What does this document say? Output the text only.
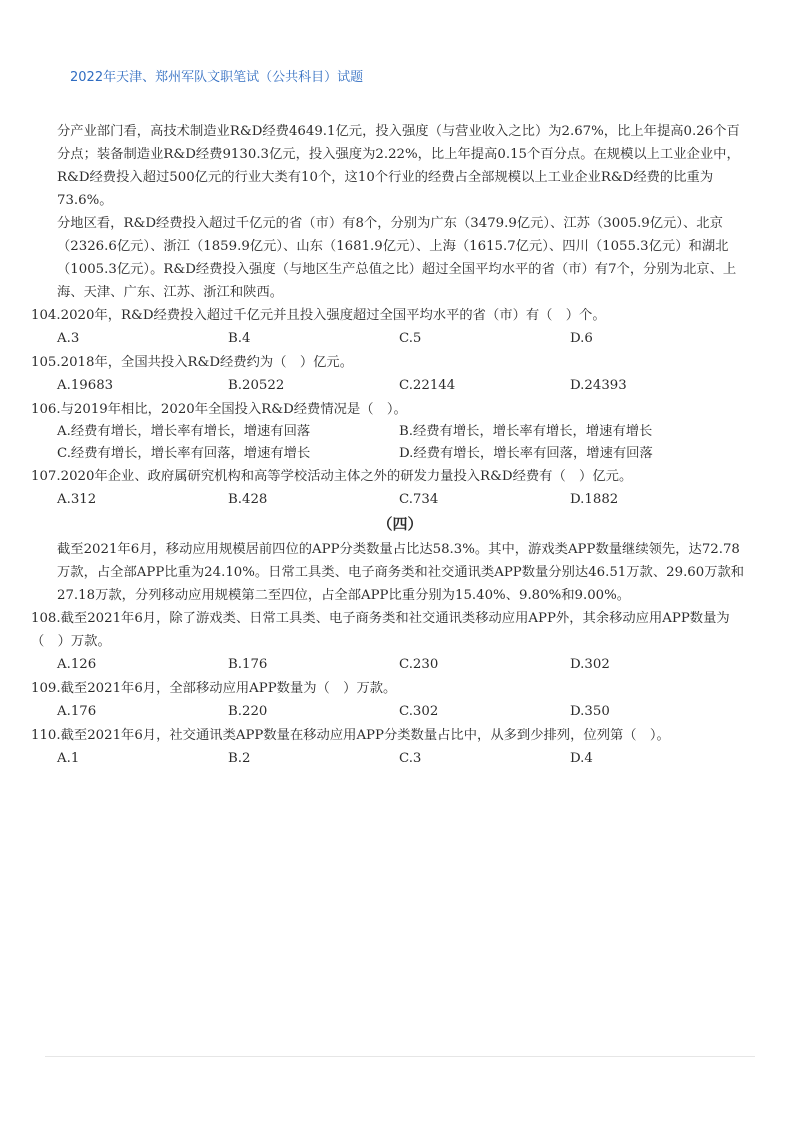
2022年天津、郑州军队文职笔试（公共科目）试题

分产业部门看，高技术制造业R&D经费4649.1亿元，投入强度（与营业收入之比）为2.67%，比上年提高0.26个百分点；装备制造业R&D经费9130.3亿元，投入强度为2.22%，比上年提高0.15个百分点。在规模以上工业企业中，R&D经费投入超过500亿元的行业大类有10个，这10个行业的经费占全部规模以上工业企业R&D经费的比重为73.6%。

分地区看，R&D经费投入超过千亿元的省（市）有8个，分别为广东（3479.9亿元）、江苏（3005.9亿元）、北京（2326.6亿元）、浙江（1859.9亿元）、山东（1681.9亿元）、上海（1615.7亿元）、四川（1055.3亿元）和湖北（1005.3亿元）。R&D经费投入强度（与地区生产总值之比）超过全国平均水平的省（市）有7个，分别为北京、上海、天津、广东、江苏、浙江和陕西。

104.2020年，R&D经费投入超过千亿元并且投入强度超过全国平均水平的省（市）有（　）个。
A.3	B.4	C.5	D.6
105.2018年，全国共投入R&D经费约为（　）亿元。
A.19683	B.20522	C.22144	D.24393
106.与2019年相比，2020年全国投入R&D经费情况是（　）。
A.经费有增长，增长率有增长，增速有回落	B.经费有增长，增长率有增长，增速有增长
C.经费有增长，增长率有回落，增速有增长	D.经费有增长，增长率有回落，增速有回落
107.2020年企业、政府属研究机构和高等学校活动主体之外的研发力量投入R&D经费有（　）亿元。
A.312	B.428	C.734	D.1882
（四）

截至2021年6月，移动应用规模居前四位的APP分类数量占比达58.3%。其中，游戏类APP数量继续领先，达72.78万款，占全部APP比重为24.10%。日常工具类、电子商务类和社交通讯类APP数量分别达46.51万款、29.60万款和27.18万款，分列移动应用规模第二至四位，占全部APP比重分别为15.40%、9.80%和9.00%。

108.截至2021年6月，除了游戏类、日常工具类、电子商务类和社交通讯类移动应用APP外，其余移动应用APP数量为（　）万款。
A.126	B.176	C.230	D.302
109.截至2021年6月，全部移动应用APP数量为（　）万款。
A.176	B.220	C.302	D.350
110.截至2021年6月，社交通讯类APP数量在移动应用APP分类数量占比中，从多到少排列，位列第（　）。
A.1	B.2	C.3	D.4
